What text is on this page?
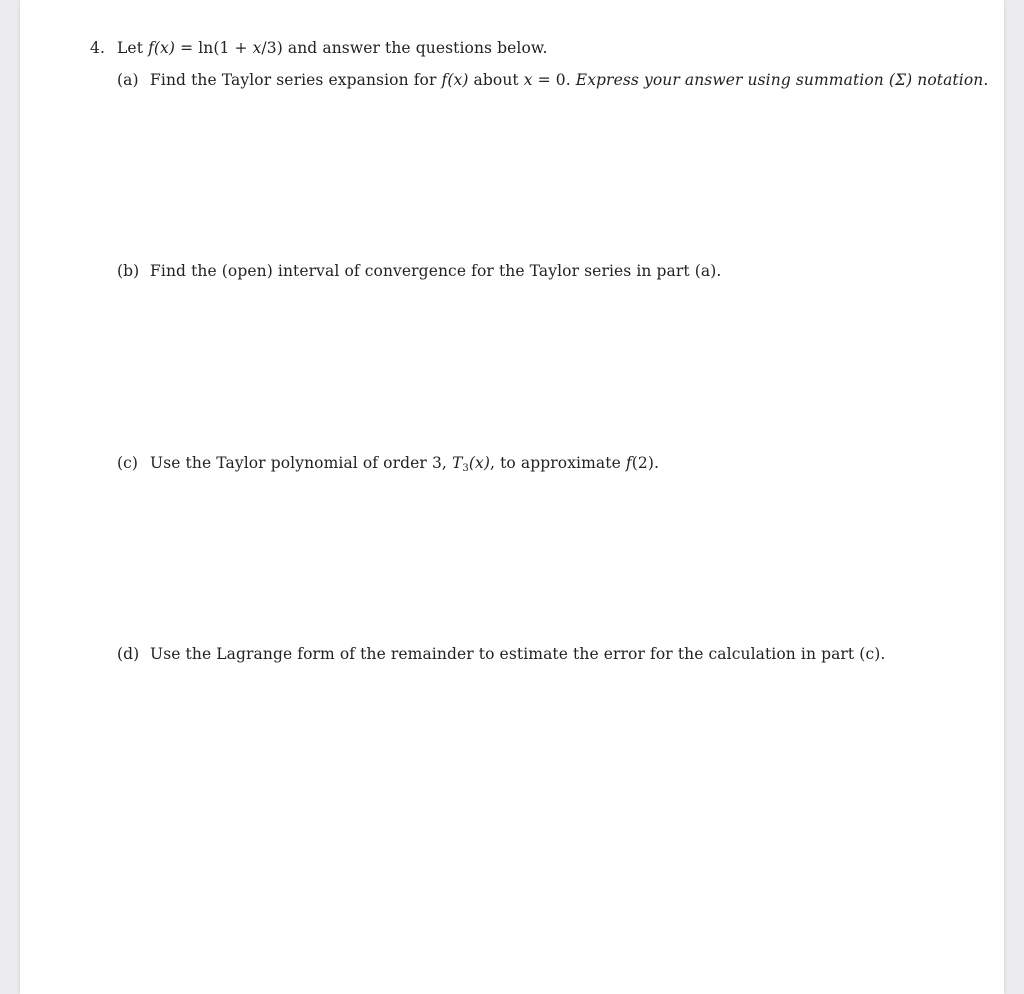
4. Let f(x) = ln(1 + x/3) and answer the questions below.
(a) Find the Taylor series expansion for f(x) about x = 0. Express your answer using summation (Σ) notation.
(b) Find the (open) interval of convergence for the Taylor series in part (a).
(c) Use the Taylor polynomial of order 3, $T_3(x)$, to approximate f(2).
(d) Use the Lagrange form of the remainder to estimate the error for the calculation in part (c).
